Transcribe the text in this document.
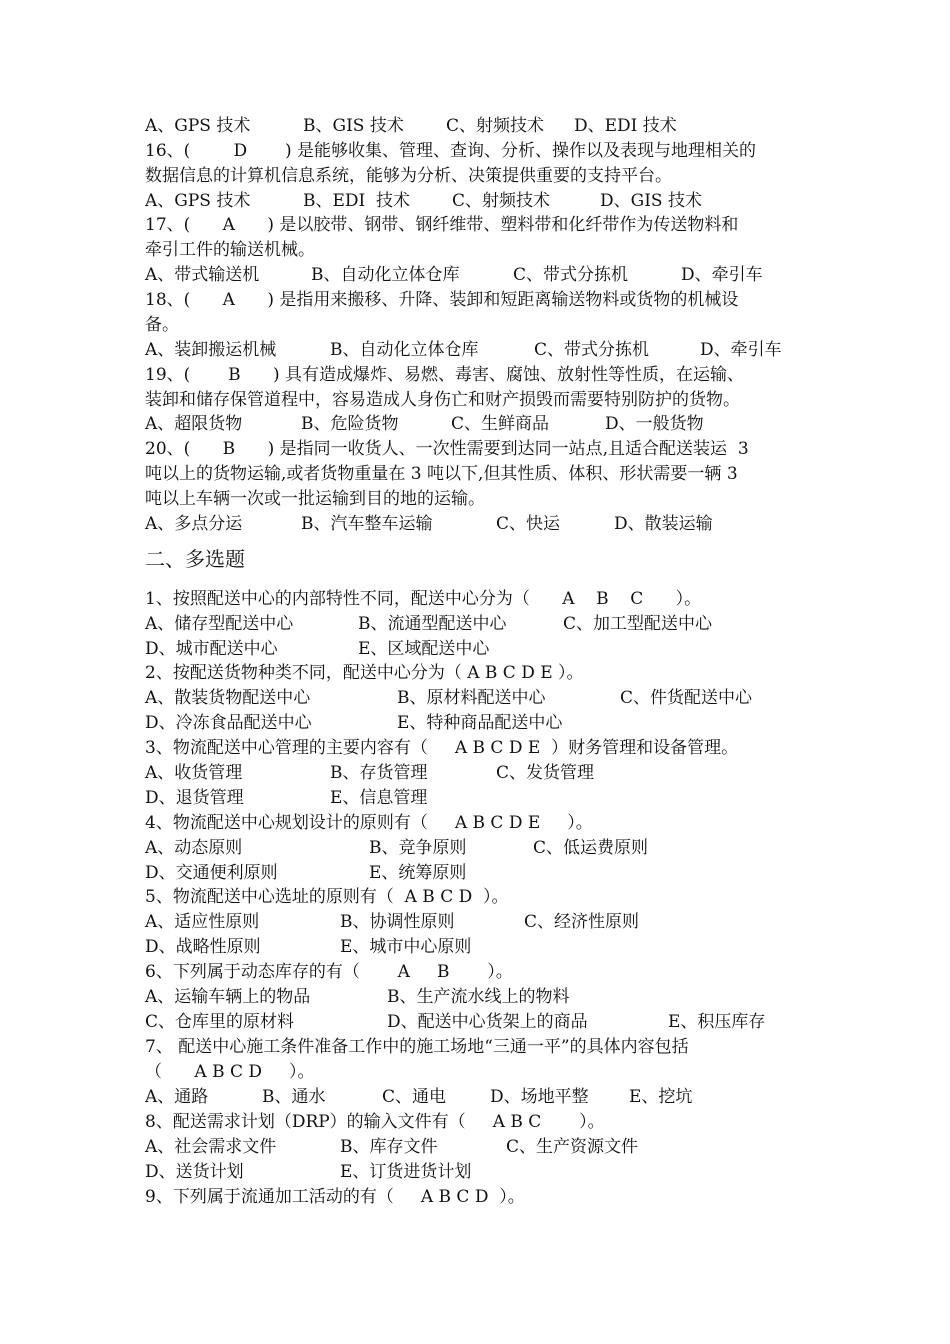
A、GPS 技术	B、GIS 技术 C、射频技术 D、EDI 技术

16、(        D       ) 是能够收集、管理、查询、分析、操作以及表现与地理相关的

数据信息的计算机信息系统，能够为分析、决策提供重要的支持平台。

A、GPS 技术	B、EDI  技术 C、射频技术	D、GIS 技术

17、(      A      ) 是以胶带、钢带、钢纤维带、塑料带和化纤带作为传送物料和

牵引工件的输送机械。

A、带式输送机	B、自动化立体仓库	C、带式分拣机	D、牵引车

18、(      A      ) 是指用来搬移、升降、装卸和短距离输送物料或货物的机械设

备。

A、装卸搬运机械	B、自动化立体仓库	C、带式分拣机	D、牵引车

19、(       B      ) 具有造成爆炸、易燃、毒害、腐蚀、放射性等性质，在运输、

装卸和储存保管道程中，容易造成人身伤亡和财产损毁而需要特别防护的货物。

A、超限货物	B、危险货物	C、生鲜商品	D、一般货物

20、(      B      ) 是指同一收货人、一次性需要到达同一站点,且适合配送装运  3

吨以上的货物运输,或者货物重量在 3 吨以下,但其性质、体积、形状需要一辆 3

吨以上车辆一次或一批运输到目的地的运输。

A、多点分运	B、汽车整车运输	C、快运	D、散装运输
二、多选题

1、按照配送中心的内部特性不同，配送中心分为（      A    B    C      ）。

A、储存型配送中心	B、流通型配送中心	C、加工型配送中心
D、城市配送中心	E、区域配送中心

2、按配送货物种类不同，配送中心分为（ A B C D E ）。

A、散装货物配送中心	B、原材料配送中心	C、件货配送中心
D、冷冻食品配送中心	E、特种商品配送中心

3、物流配送中心管理的主要内容有（     A B C D E  ）财务管理和设备管理。

A、收货管理	B、存货管理	C、发货管理
D、退货管理	E、信息管理

4、物流配送中心规划设计的原则有（     A B C D E     ）。

A、动态原则	B、竞争原则	C、低运费原则
D、交通便利原则	E、统筹原则

5、物流配送中心选址的原则有（  A B C D  ）。

A、适应性原则	B、协调性原则	C、经济性原则
D、战略性原则	E、城市中心原则

6、下列属于动态库存的有（       A     B       ）。

A、运输车辆上的物品	B、生产流水线上的物料
C、仓库里的原材料	D、配送中心货架上的商品	E、积压库存

7、 配送中心施工条件准备工作中的施工场地“三通一平”的具体内容包括

（      A B C D     ）。

A、通路	B、通水	C、通电	D、场地平整 E、挖坑

8、配送需求计划（DRP）的输入文件有（     A B C       ）。

A、社会需求文件	B、库存文件	C、生产资源文件
D、送货计划	E、订货进货计划

9、下列属于流通加工活动的有（     A B C D  ）。
